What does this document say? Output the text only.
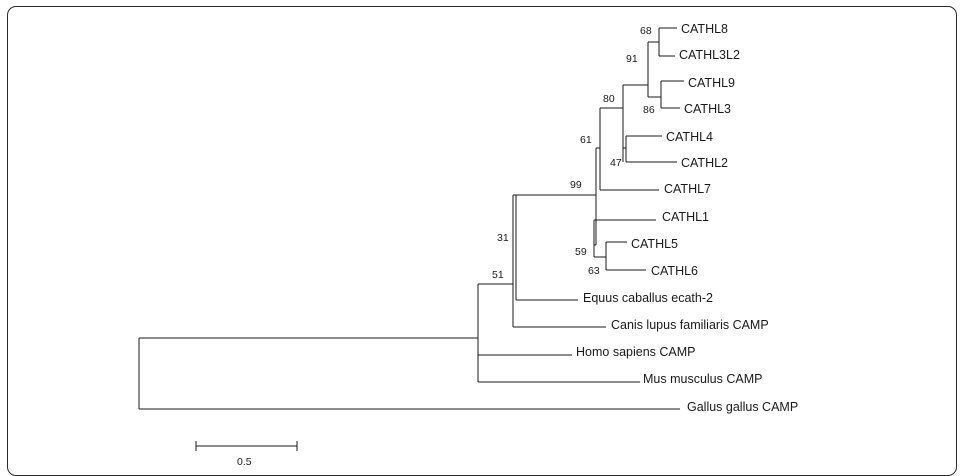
CATHL8
CATHL3L2
CATHL9
CATHL3
CATHL4
CATHL2
CATHL7
CATHL1
CATHL5
CATHL6
Equus caballus ecath-2
Canis lupus familiaris CAMP
Homo sapiens CAMP
Mus musculus CAMP
Gallus gallus CAMP
68
91
86
80
47
61
99
59
63
31
51
0.5
